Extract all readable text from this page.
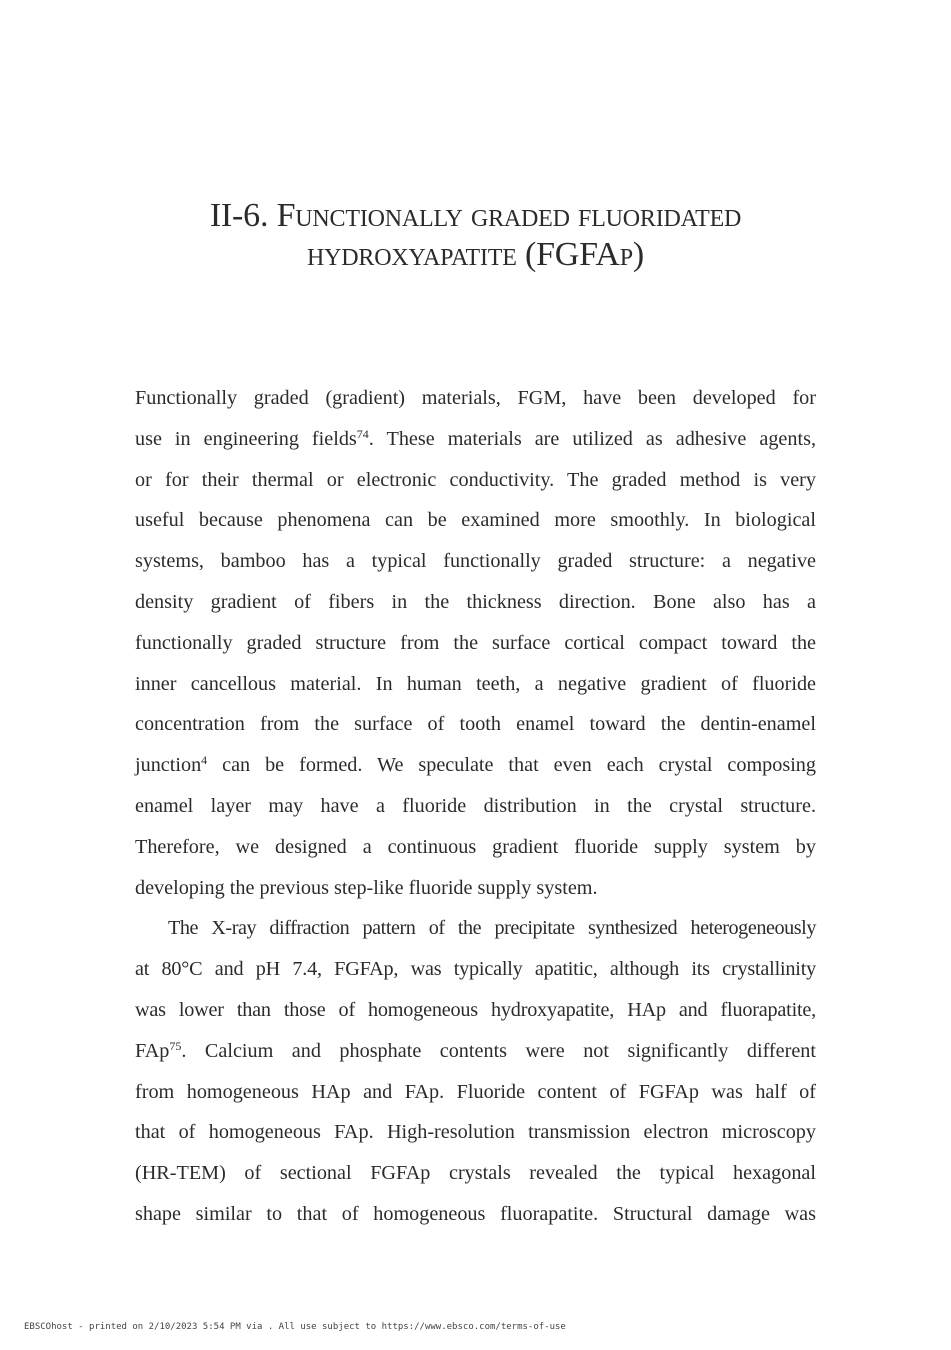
II-6. Functionally graded fluoridated
hydroxyapatite (FGFAp)
Functionally graded (gradient) materials, FGM, have been developed for
use in engineering fields$^{74}$. These materials are utilized as adhesive agents,
or for their thermal or electronic conductivity. The graded method is very
useful because phenomena can be examined more smoothly. In biological
systems, bamboo has a typical functionally graded structure: a negative
density gradient of fibers in the thickness direction. Bone also has a
functionally graded structure from the surface cortical compact toward the
inner cancellous material. In human teeth, a negative gradient of fluoride
concentration from the surface of tooth enamel toward the dentin-enamel
junction$^4$ can be formed. We speculate that even each crystal composing
enamel layer may have a fluoride distribution in the crystal structure.
Therefore, we designed a continuous gradient fluoride supply system by
developing the previous step-like fluoride supply system.
The X-ray diffraction pattern of the precipitate synthesized heterogeneously
at 80°C and pH 7.4, FGFAp, was typically apatitic, although its crystallinity
was lower than those of homogeneous hydroxyapatite, HAp and fluorapatite,
FAp$^{75}$. Calcium and phosphate contents were not significantly different
from homogeneous HAp and FAp. Fluoride content of FGFAp was half of
that of homogeneous FAp. High-resolution transmission electron microscopy
(HR-TEM) of sectional FGFAp crystals revealed the typical hexagonal
shape similar to that of homogeneous fluorapatite. Structural damage was
EBSCOhost - printed on 2/10/2023 5:54 PM via . All use subject to https://www.ebsco.com/terms-of-use
